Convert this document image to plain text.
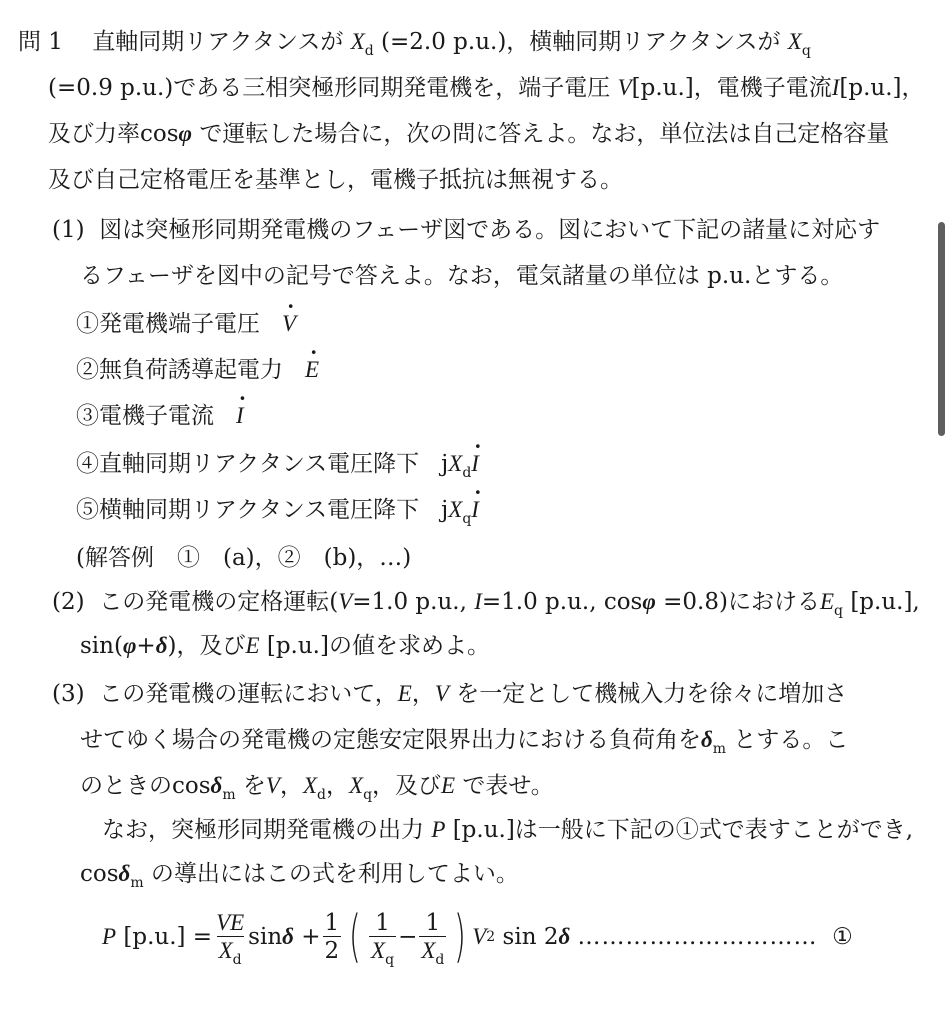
問 1 直軸同期リアクタンスが $X_d$ (=2.0 p.u.)，横軸同期リアクタンスが $X_q$
(=0.9 p.u.)である三相突極形同期発電機を，端子電圧 V[p.u.]，電機子電流I[p.u.]，
及び力率cosφ で運転した場合に，次の問に答えよ。なお，単位法は自己定格容量
及び自己定格電圧を基準とし，電機子抵抗は無視する。
(1) 図は突極形同期発電機のフェーザ図である。図において下記の諸量に対応す
るフェーザを図中の記号で答えよ。なお，電気諸量の単位は p.u.とする。
①発電機端子電圧 · V
②無負荷誘導起電力 · E
③電機子電流 · I
④直軸同期リアクタンス電圧降下   $jX_d\cdot I$
⑤横軸同期リアクタンス電圧降下   $jX_q\cdot I$
(解答例　①　(a)，②　(b)，…)
(2) この発電機の定格運転(V=1.0 p.u., I=1.0 p.u., cosφ =0.8)における$E_q$ [p.u.],
sin(φ+δ)，及びE [p.u.]の値を求めよ。
(3) この発電機の運転において，E，V を一定として機械入力を徐々に増加さ
せてゆく場合の発電機の定態安定限界出力における負荷角を$\delta_m$ とする。こ
のときのcosδ$_m$ をV，$X_d$，$X_q$，及びE で表せ。
なお，突極形同期発電機の出力 P [p.u.]は一般に下記の①式で表すことができ,
cosδ$_m$ の導出にはこの式を利用してよい。
P
$[p.u.] = \frac{VE}{X_d}$ $\sin \delta + \frac{1}{2}$ ( $\frac{1}{X_q} - \frac{1}{X_d}$ ) V 2
sin 2 δ
…………………………
①
